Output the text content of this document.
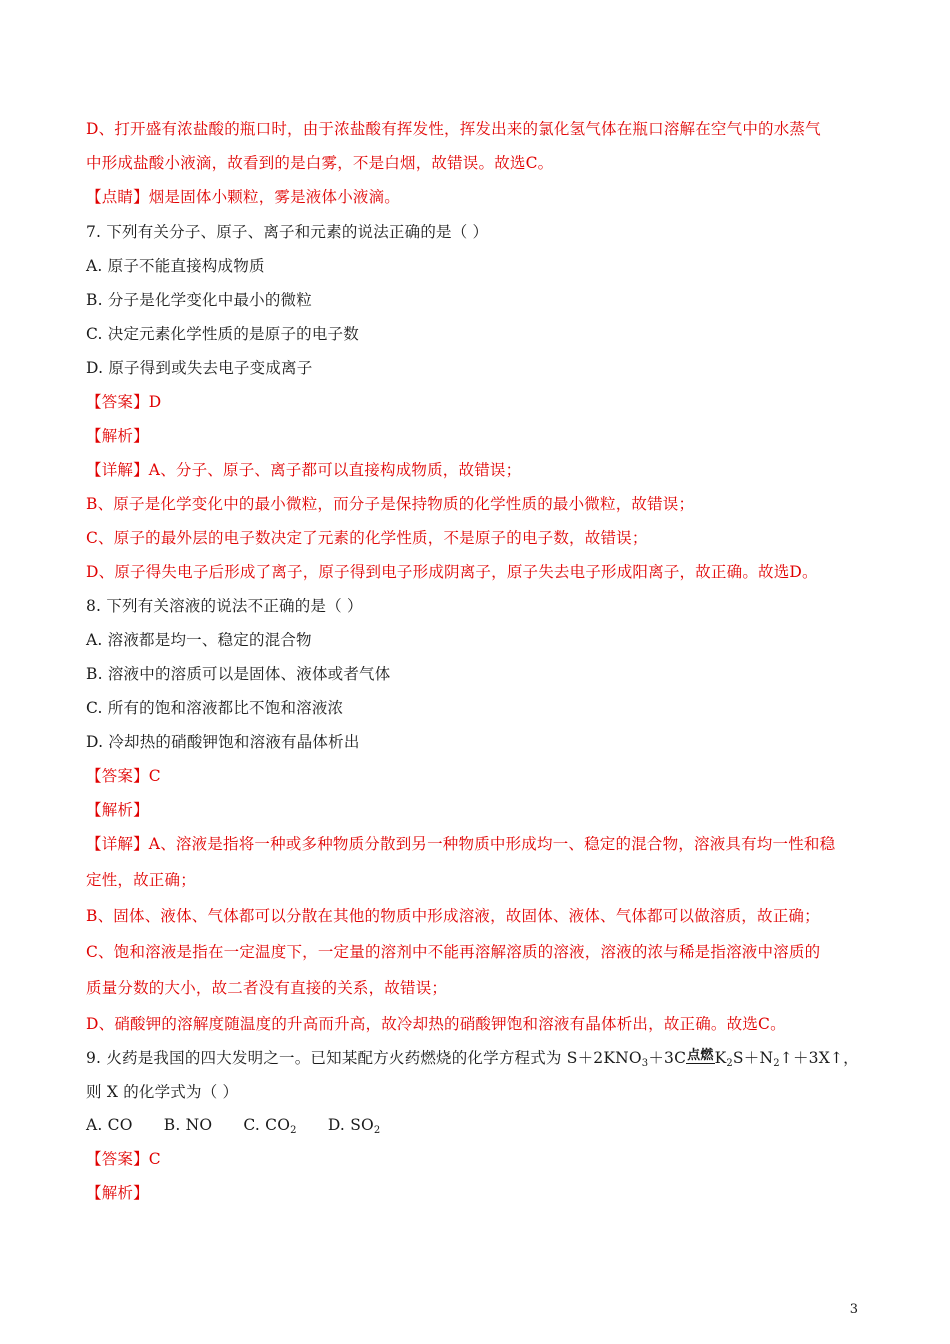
D、打开盛有浓盐酸的瓶口时，由于浓盐酸有挥发性，挥发出来的氯化氢气体在瓶口溶解在空气中的水蒸气
中形成盐酸小液滴，故看到的是白雾，不是白烟，故错误。故选C。
【点睛】烟是固体小颗粒，雾是液体小液滴。
7. 下列有关分子、原子、离子和元素的说法正确的是（ ）
A. 原子不能直接构成物质
B. 分子是化学变化中最小的微粒
C. 决定元素化学性质的是原子的电子数
D. 原子得到或失去电子变成离子
【答案】D
【解析】
【详解】A、分子、原子、离子都可以直接构成物质，故错误；
B、原子是化学变化中的最小微粒，而分子是保持物质的化学性质的最小微粒，故错误；
C、原子的最外层的电子数决定了元素的化学性质，不是原子的电子数，故错误；
D、原子得失电子后形成了离子，原子得到电子形成阴离子，原子失去电子形成阳离子，故正确。故选D。
8. 下列有关溶液的说法不正确的是（ ）
A. 溶液都是均一、稳定的混合物
B. 溶液中的溶质可以是固体、液体或者气体
C. 所有的饱和溶液都比不饱和溶液浓
D. 冷却热的硝酸钾饱和溶液有晶体析出
【答案】C
【解析】
【详解】A、溶液是指将一种或多种物质分散到另一种物质中形成均一、稳定的混合物，溶液具有均一性和稳
定性，故正确；
B、固体、液体、气体都可以分散在其他的物质中形成溶液，故固体、液体、气体都可以做溶质，故正确；
C、饱和溶液是指在一定温度下，一定量的溶剂中不能再溶解溶质的溶液，溶液的浓与稀是指溶液中溶质的
质量分数的大小，故二者没有直接的关系，故错误；
D、硝酸钾的溶解度随温度的升高而升高，故冷却热的硝酸钾饱和溶液有晶体析出，故正确。故选C。
9. 火药是我国的四大发明之一。已知某配方火药燃烧的化学方程式为 $S+2KNO_3+3C$点燃$K_2S+N_2↑+3X↑$，
则 X 的化学式为（ ）
A. CO B. NO C. $CO_2$ D. $SO_2$
【答案】C
【解析】
3
